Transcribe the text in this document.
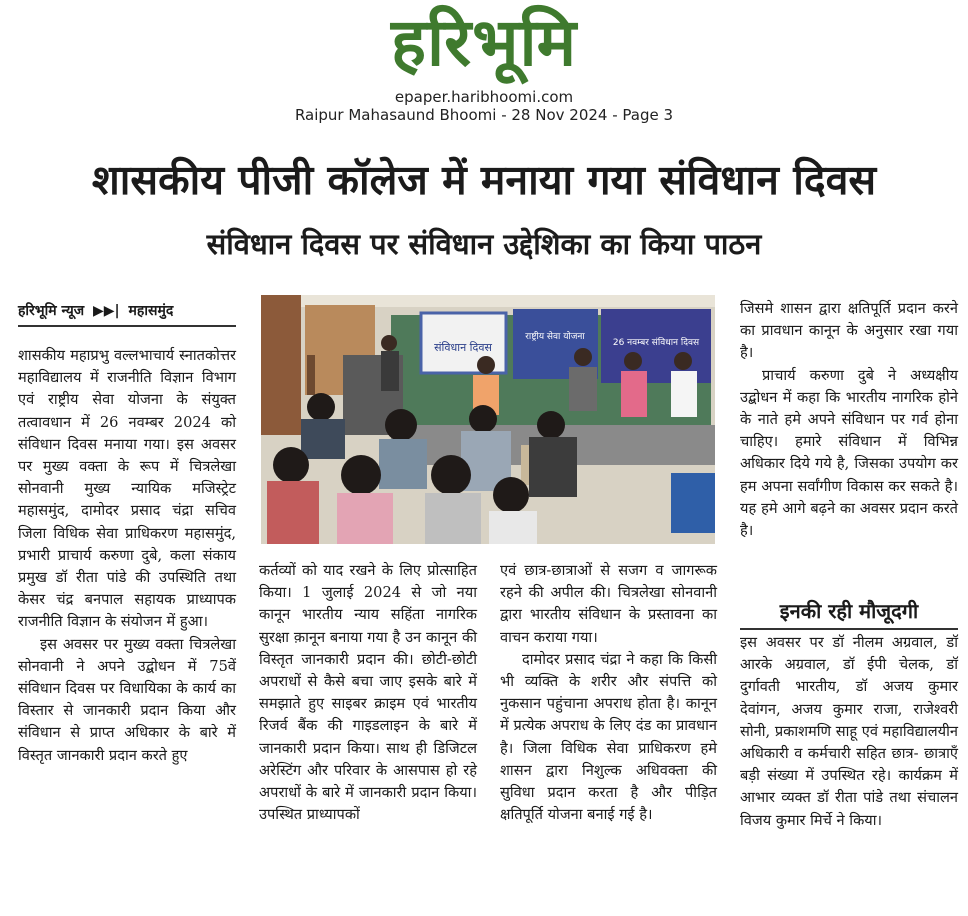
हरिभूमि
epaper.haribhoomi.com
Raipur Mahasaund Bhoomi - 28 Nov 2024 - Page 3
शासकीय पीजी कॉलेज में मनाया गया संविधान दिवस
संविधान दिवस पर संविधान उद्देशिका का किया पाठन
हरिभूमि न्यूज ▶▶| महासमुंद

शासकीय महाप्रभु वल्लभाचार्य स्नातकोत्तर महाविद्यालय में राजनीति विज्ञान विभाग एवं राष्ट्रीय सेवा योजना के संयुक्त तत्वावधान में 26 नवम्बर 2024 को संविधान दिवस मनाया गया। इस अवसर पर मुख्य वक्ता के रूप में चित्रलेखा सोनवानी मुख्य न्यायिक मजिस्ट्रेट महासमुंद, दामोदर प्रसाद चंद्रा सचिव जिला विधिक सेवा प्राधिकरण महासमुंद, प्रभारी प्राचार्य करुणा दुबे, कला संकाय प्रमुख डॉ रीता पांडे की उपस्थिति तथा केसर चंद्र बनपाल सहायक प्राध्यापक राजनीति विज्ञान के संयोजन में हुआ।

इस अवसर पर मुख्य वक्ता चित्रलेखा सोनवानी ने अपने उद्बोधन में 75वें संविधान दिवस पर विधायिका के कार्य का विस्तार से जानकारी प्रदान किया और संविधान से प्राप्त अधिकार के बारे में विस्तृत जानकारी प्रदान करते हुए

संविधान दिवस
राष्ट्रीय सेवा योजना
26 नवम्बर संविधान दिवस

कर्तव्यों को याद रखने के लिए प्रोत्साहित किया। 1 जुलाई 2024 से जो नया कानून भारतीय न्याय सहिंता नागरिक सुरक्षा क़ानून बनाया गया है उन कानून की विस्तृत जानकारी प्रदान की। छोटी-छोटी अपराधों से कैसे बचा जाए इसके बारे में समझाते हुए साइबर क्राइम एवं भारतीय रिजर्व बैंक की गाइडलाइन के बारे में जानकारी प्रदान किया। साथ ही डिजिटल अरेस्टिंग और परिवार के आसपास हो रहे अपराधों के बारे में जानकारी प्रदान किया। उपस्थित प्राध्यापकों

एवं छात्र-छात्राओं से सजग व जागरूक रहने की अपील की। चित्रलेखा सोनवानी द्वारा भारतीय संविधान के प्रस्तावना का वाचन कराया गया।

दामोदर प्रसाद चंद्रा ने कहा कि किसी भी व्यक्ति के शरीर और संपत्ति को नुकसान पहुंचाना अपराध होता है। कानून में प्रत्येक अपराध के लिए दंड का प्रावधान है। जिला विधिक सेवा प्राधिकरण हमे शासन द्वारा निशुल्क अधिवक्ता की सुविधा प्रदान करता है और पीड़ित क्षतिपूर्ति योजना बनाई गई है।

जिसमे शासन द्वारा क्षतिपूर्ति प्रदान करने का प्रावधान कानून के अनुसार रखा गया है।

प्राचार्य करुणा दुबे ने अध्यक्षीय उद्बोधन में कहा कि भारतीय नागरिक होने के नाते हमे अपने संविधान पर गर्व होना चाहिए। हमारे संविधान में विभिन्न अधिकार दिये गये है, जिसका उपयोग कर हम अपना सर्वांगीण विकास कर सकते है। यह हमे आगे बढ़ने का अवसर प्रदान करते है।

इनकी रही मौजूदगी

इस अवसर पर डॉ नीलम अग्रवाल, डॉ आरके अग्रवाल, डॉ ईपी चेलक, डॉ दुर्गावती भारतीय, डॉ अजय कुमार देवांगन, अजय कुमार राजा, राजेश्वरी सोनी, प्रकाशमणि साहू एवं महाविद्यालयीन अधिकारी व कर्मचारी सहित छात्र- छात्राएँ बड़ी संख्या में उपस्थित रहे। कार्यक्रम में आभार व्यक्त डॉ रीता पांडे तथा संचालन विजय कुमार मिर्चे ने किया।
